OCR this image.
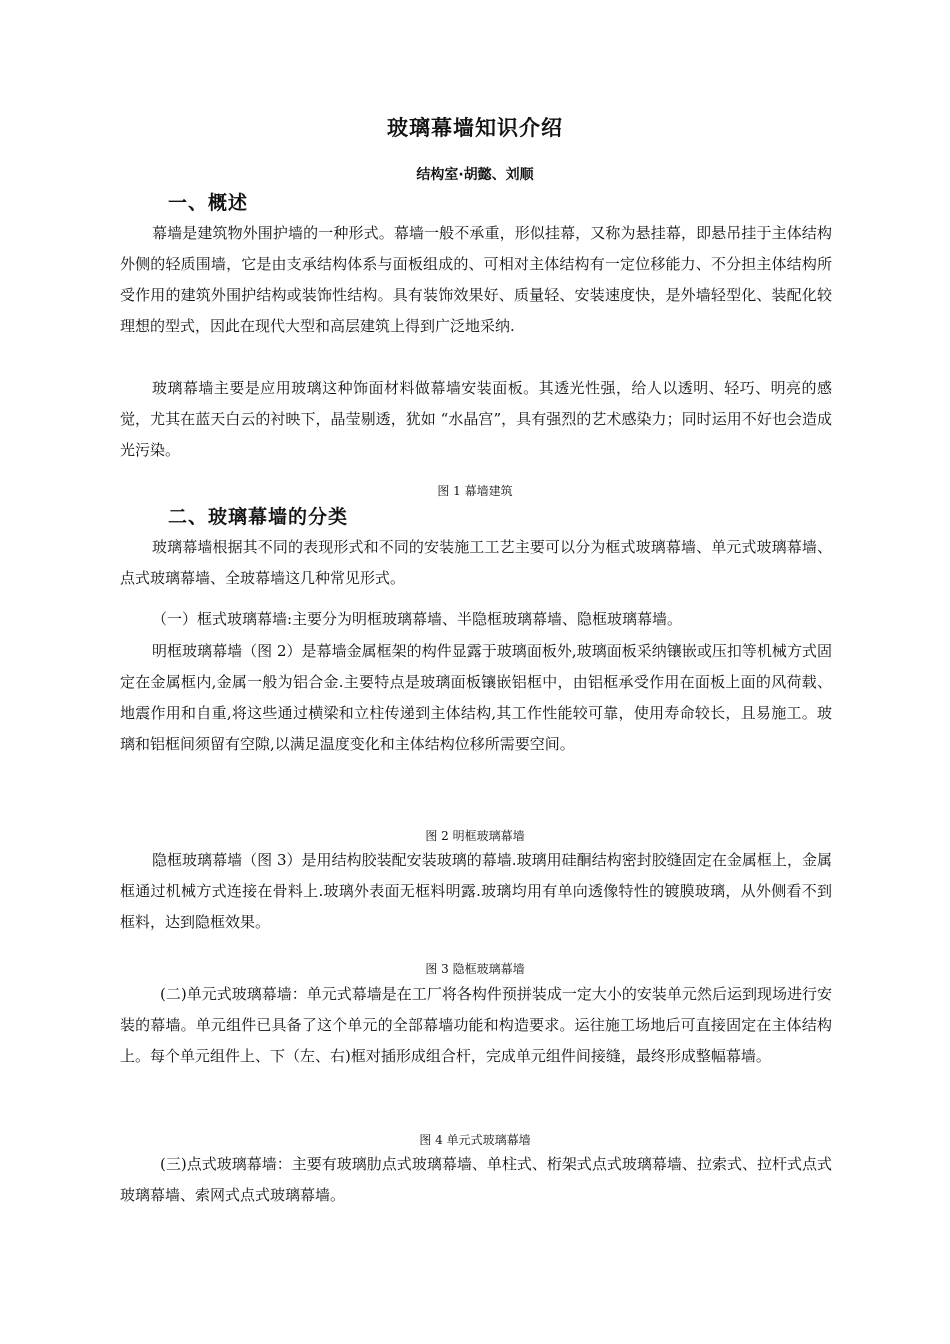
玻璃幕墙知识介绍
结构室·胡懿、刘顺
一、概述

幕墙是建筑物外围护墙的一种形式。幕墙一般不承重，形似挂幕，又称为悬挂幕，即悬吊挂于主体结构外侧的轻质围墙，它是由支承结构体系与面板组成的、可相对主体结构有一定位移能力、不分担主体结构所受作用的建筑外围护结构或装饰性结构。具有装饰效果好、质量轻、安装速度快，是外墙轻型化、装配化较理想的型式，因此在现代大型和高层建筑上得到广泛地采纳.

玻璃幕墙主要是应用玻璃这种饰面材料做幕墙安装面板。其透光性强，给人以透明、轻巧、明亮的感觉，尤其在蓝天白云的衬映下，晶莹剔透，犹如 “水晶宫”，具有强烈的艺术感染力；同时运用不好也会造成光污染。

图 1 幕墙建筑
二、玻璃幕墙的分类

玻璃幕墙根据其不同的表现形式和不同的安装施工工艺主要可以分为框式玻璃幕墙、单元式玻璃幕墙、点式玻璃幕墙、全玻幕墙这几种常见形式。

（一）框式玻璃幕墙:主要分为明框玻璃幕墙、半隐框玻璃幕墙、隐框玻璃幕墙。

明框玻璃幕墙（图 2）是幕墙金属框架的构件显露于玻璃面板外,玻璃面板采纳镶嵌或压扣等机械方式固定在金属框内,金属一般为铝合金.主要特点是玻璃面板镶嵌铝框中，由铝框承受作用在面板上面的风荷载、地震作用和自重,将这些通过横梁和立柱传递到主体结构,其工作性能较可靠，使用寿命较长，且易施工。玻璃和铝框间须留有空隙,以满足温度变化和主体结构位移所需要空间。

图 2 明框玻璃幕墙

隐框玻璃幕墙（图 3）是用结构胶装配安装玻璃的幕墙.玻璃用硅酮结构密封胶缝固定在金属框上，金属框通过机械方式连接在骨料上.玻璃外表面无框料明露.玻璃均用有单向透像特性的镀膜玻璃，从外侧看不到框料，达到隐框效果。

图 3 隐框玻璃幕墙

(二)单元式玻璃幕墙：单元式幕墙是在工厂将各构件预拼装成一定大小的安装单元然后运到现场进行安装的幕墙。单元组件已具备了这个单元的全部幕墙功能和构造要求。运往施工场地后可直接固定在主体结构上。每个单元组件上、下（左、右)框对插形成组合杆，完成单元组件间接缝，最终形成整幅幕墙。

图 4 单元式玻璃幕墙

(三)点式玻璃幕墙：主要有玻璃肋点式玻璃幕墙、单柱式、桁架式点式玻璃幕墙、拉索式、拉杆式点式玻璃幕墙、索网式点式玻璃幕墙。
